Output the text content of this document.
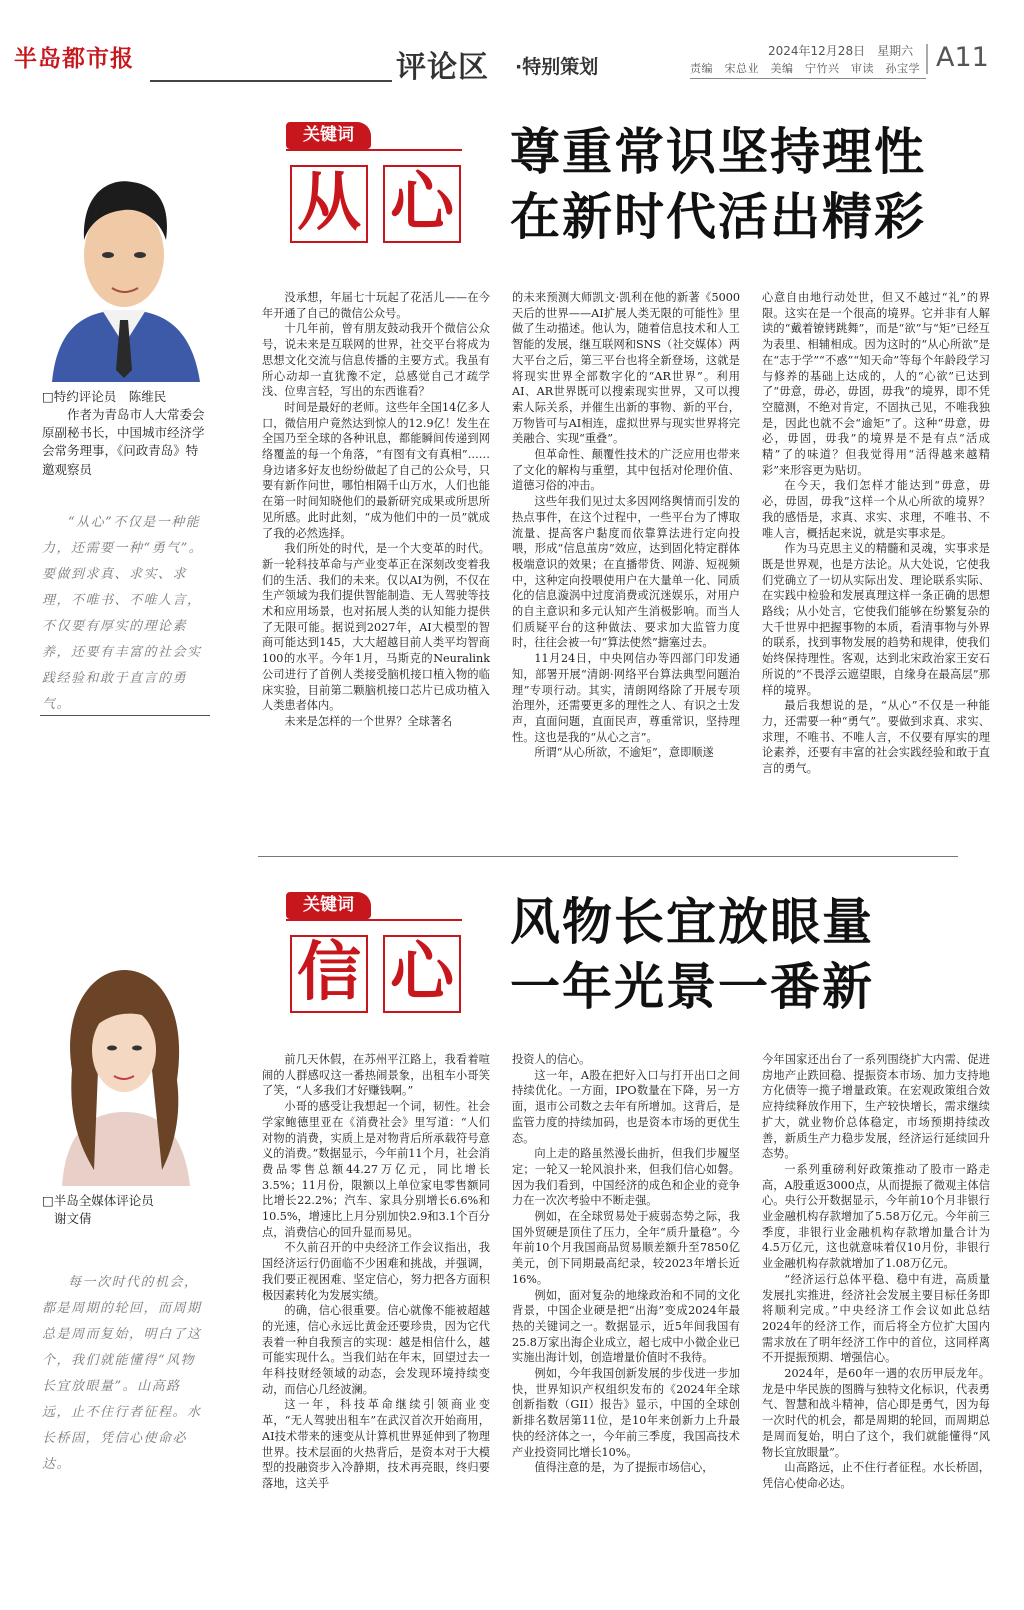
半岛都市报	评论区 ·特别策划
2024年12月28日　星期六
责编　宋总业　美编　宁竹兴　审读　孙宝学 A11
□特约评论员　陈维民
作者为青岛市人大常委会原副秘书长，中国城市经济学会常务理事，《问政青岛》特邀观察员
“从心”不仅是一种能力，还需要一种“勇气”。要做到求真、求实、求理，不唯书、不唯人言，不仅要有厚实的理论素养，还要有丰富的社会实践经验和敢于直言的勇气。
关键词
从 心
尊重常识坚持理性
在新时代活出精彩

没承想，年届七十玩起了花活儿——在今年开通了自己的微信公众号。

十几年前，曾有朋友鼓动我开个微信公众号，说未来是互联网的世界，社交平台将成为思想文化交流与信息传播的主要方式。我虽有所心动却一直犹豫不定，总感觉自己才疏学浅、位卑言轻，写出的东西谁看？

时间是最好的老师。这些年全国14亿多人口，微信用户竟然达到惊人的12.9亿！发生在全国乃至全球的各种讯息，都能瞬间传递到网络覆盖的每一个角落，“有图有文有真相”……身边诸多好友也纷纷做起了自己的公众号，只要有新作问世，哪怕相隔千山万水，人们也能在第一时间知晓他们的最新研究成果或所思所见所感。此时此刻，“成为他们中的一员”就成了我的必然选择。

我们所处的时代，是一个大变革的时代。新一轮科技革命与产业变革正在深刻改变着我们的生活、我们的未来。仅以AI为例，不仅在生产领域为我们提供智能制造、无人驾驶等技术和应用场景，也对拓展人类的认知能力提供了无限可能。据说到2027年，AI大模型的智商可能达到145，大大超越目前人类平均智商100的水平。今年1月，马斯克的Neuralink公司进行了首例人类接受脑机接口植入物的临床实验，目前第二颗脑机接口芯片已成功植入人类患者体内。

未来是怎样的一个世界？全球著名

的未来预测大师凯文·凯利在他的新著《5000天后的世界——AI扩展人类无限的可能性》里做了生动描述。他认为，随着信息技术和人工智能的发展，继互联网和SNS（社交媒体）两大平台之后，第三平台也将全新登场，这就是将现实世界全部数字化的“AR世界”。利用AI、AR世界既可以搜索现实世界，又可以搜索人际关系，并催生出新的事物、新的平台，万物皆可与AI相连，虚拟世界与现实世界将完美融合、实现“重叠”。

但革命性、颠覆性技术的广泛应用也带来了文化的解构与重塑，其中包括对伦理价值、道德习俗的冲击。

这些年我们见过太多因网络舆情而引发的热点事件，在这个过程中，一些平台为了博取流量、提高客户黏度而依靠算法进行定向投喂，形成“信息茧房”效应，达到固化特定群体极端意识的效果；在直播带货、网游、短视频中，这种定向投喂使用户在大量单一化、同质化的信息漩涡中过度消费或沉迷娱乐，对用户的自主意识和多元认知产生消极影响。而当人们质疑平台的这种做法、要求加大监管力度时，往往会被一句“算法使然”搪塞过去。

11月24日，中央网信办等四部门印发通知，部署开展“清朗·网络平台算法典型问题治理”专项行动。其实，清朗网络除了开展专项治理外，还需要更多的理性之人、有识之士发声，直面问题，直面民声，尊重常识，坚持理性。这也是我的“从心之言”。

所谓“从心所欲，不逾矩”，意即顺遂

心意自由地行动处世，但又不越过“礼”的界限。这实在是一个很高的境界。它并非有人解读的“戴着镣铐跳舞”，而是“欲”与“矩”已经互为表里、相辅相成。因为这时的“从心所欲”是在“志于学”“不惑”“知天命”等每个年龄段学习与修养的基础上达成的，人的“心欲”已达到了“毋意，毋必，毋固，毋我”的境界，即不凭空臆测，不绝对肯定，不固执己见，不唯我独是，因此也就不会“逾矩”了。这种“毋意，毋必，毋固，毋我”的境界是不是有点“活成精”了的味道？但我觉得用“活得越来越精彩”来形容更为贴切。

在今天，我们怎样才能达到“毋意，毋必，毋固，毋我”这样一个从心所欲的境界？我的感悟是，求真、求实、求理，不唯书、不唯人言，概括起来说，就是实事求是。

作为马克思主义的精髓和灵魂，实事求是既是世界观，也是方法论。从大处说，它使我们党确立了一切从实际出发、理论联系实际、在实践中检验和发展真理这样一条正确的思想路线；从小处言，它使我们能够在纷繁复杂的大千世界中把握事物的本质，看清事物与外界的联系，找到事物发展的趋势和规律，使我们始终保持理性。客观，达到北宋政治家王安石所说的“不畏浮云遮望眼，自缘身在最高层”那样的境界。

最后我想说的是，“从心”不仅是一种能力，还需要一种“勇气”。要做到求真、求实、求理，不唯书、不唯人言，不仅要有厚实的理论素养，还要有丰富的社会实践经验和敢于直言的勇气。

□半岛全媒体评论员
谢文倩
每一次时代的机会，都是周期的轮回，而周期总是周而复始，明白了这个，我们就能懂得“风物长宜放眼量”。山高路远，止不住行者征程。水长桥固，凭信心使命必达。
关键词
信 心
风物长宜放眼量
一年光景一番新

前几天休假，在苏州平江路上，我看着喧闹的人群感叹这一番热闹景象，出租车小哥笑了笑，“人多我们才好赚钱啊。”

小哥的感受让我想起一个词，韧性。社会学家鲍德里亚在《消费社会》里写道：“人们对物的消费，实质上是对物背后所承载符号意义的消费。”数据显示，今年前11个月，社会消费品零售总额44.27万亿元，同比增长3.5%；11月份，限额以上单位家电零售额同比增长22.2%；汽车、家具分别增长6.6%和10.5%，增速比上月分别加快2.9和3.1个百分点，消费信心的回升显而易见。

不久前召开的中央经济工作会议指出，我国经济运行仍面临不少困难和挑战，并强调，我们要正视困难、坚定信心，努力把各方面积极因素转化为发展实绩。

的确，信心很重要。信心就像不能被超越的光速，信心永远比黄金还要珍贵，因为它代表着一种自我预言的实现：越是相信什么，越可能实现什么。当我们站在年末，回望过去一年科技财经领域的动态，会发现环境持续变动，而信心几经波澜。

这一年，科技革命继续引领商业变革，“无人驾驶出租车”在武汉首次开始商用，AI技术带来的速变从计算机世界延伸到了物理世界。技术层面的火热背后，是资本对于大模型的投融资步入冷静期，技术再亮眼，终归要落地，这关乎

投资人的信心。

这一年，A股在把好入口与打开出口之间持续优化。一方面，IPO数量在下降，另一方面，退市公司数之去年有所增加。这背后，是监管力度的持续加码，也是资本市场的更优生态。

向上走的路虽然漫长曲折，但我们步履坚定；一轮又一轮风浪扑来，但我们信心如磐。因为我们看到，中国经济的成色和企业的竞争力在一次次考验中不断走强。

例如，在全球贸易处于疲弱态势之际，我国外贸硬是顶住了压力，全年“质升量稳”。今年前10个月我国商品贸易顺差额升至7850亿美元，创下同期最高纪录，较2023年增长近16%。

例如，面对复杂的地缘政治和不同的文化背景，中国企业硬是把“出海”变成2024年最热的关键词之一。数据显示，近5年间我国有25.8万家出海企业成立，超七成中小微企业已实施出海计划，创造增量价值时不我待。

例如，今年我国创新发展的步伐进一步加快，世界知识产权组织发布的《2024年全球创新指数（GII）报告》显示，中国的全球创新排名数居第11位，是10年来创新力上升最快的经济体之一，今年前三季度，我国高技术产业投资同比增长10%。

值得注意的是，为了提振市场信心，

今年国家还出台了一系列围绕扩大内需、促进房地产止跌回稳、提振资本市场、加力支持地方化债等一揽子增量政策。在宏观政策组合效应持续释放作用下，生产较快增长，需求继续扩大，就业物价总体稳定，市场预期持续改善，新质生产力稳步发展，经济运行延续回升态势。

一系列重磅利好政策推动了股市一路走高，A股重返3000点，从而提振了微观主体信心。央行公开数据显示，今年前10个月非银行业金融机构存款增加了5.58万亿元。今年前三季度，非银行业金融机构存款增加量合计为4.5万亿元，这也就意味着仅10月份，非银行业金融机构存款就增加了1.08万亿元。

“经济运行总体平稳、稳中有进，高质量发展扎实推进，经济社会发展主要目标任务即将顺利完成。”中央经济工作会议如此总结2024年的经济工作，而后将全方位扩大国内需求放在了明年经济工作中的首位，这同样离不开提振预期、增强信心。

2024年，是60年一遇的农历甲辰龙年。龙是中华民族的图腾与独特文化标识，代表勇气、智慧和战斗精神，信心即是勇气，因为每一次时代的机会，都是周期的轮回，而周期总是周而复始，明白了这个，我们就能懂得“风物长宜放眼量”。

山高路远，止不住行者征程。水长桥固，凭信心使命必达。
